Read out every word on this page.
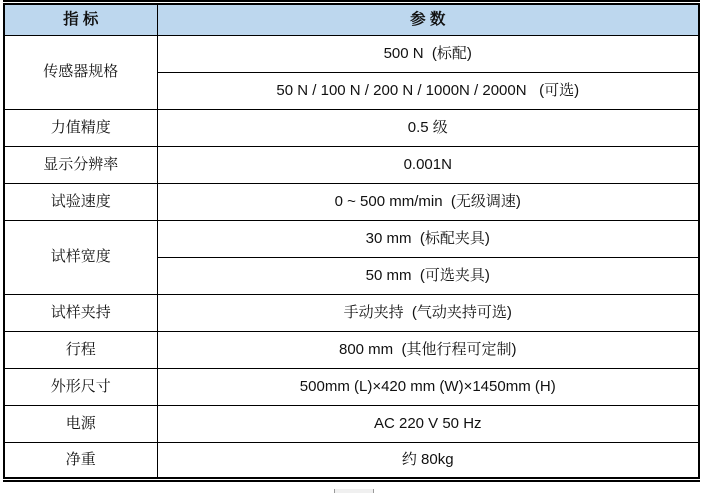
指 标	参 数
传感器规格	500 N  (标配)
	50 N / 100 N / 200 N / 1000N / 2000N   (可选)
力值精度	0.5 级
显示分辨率	0.001N
试验速度	0 ~ 500 mm/min  (无级调速)
试样宽度	30 mm  (标配夹具)
	50 mm  (可选夹具)
试样夹持	手动夹持  (气动夹持可选)
行程	800 mm  (其他行程可定制)
外形尺寸	500mm (L)×420 mm (W)×1450mm (H)
电源	AC 220 V 50 Hz
净重	约 80kg
